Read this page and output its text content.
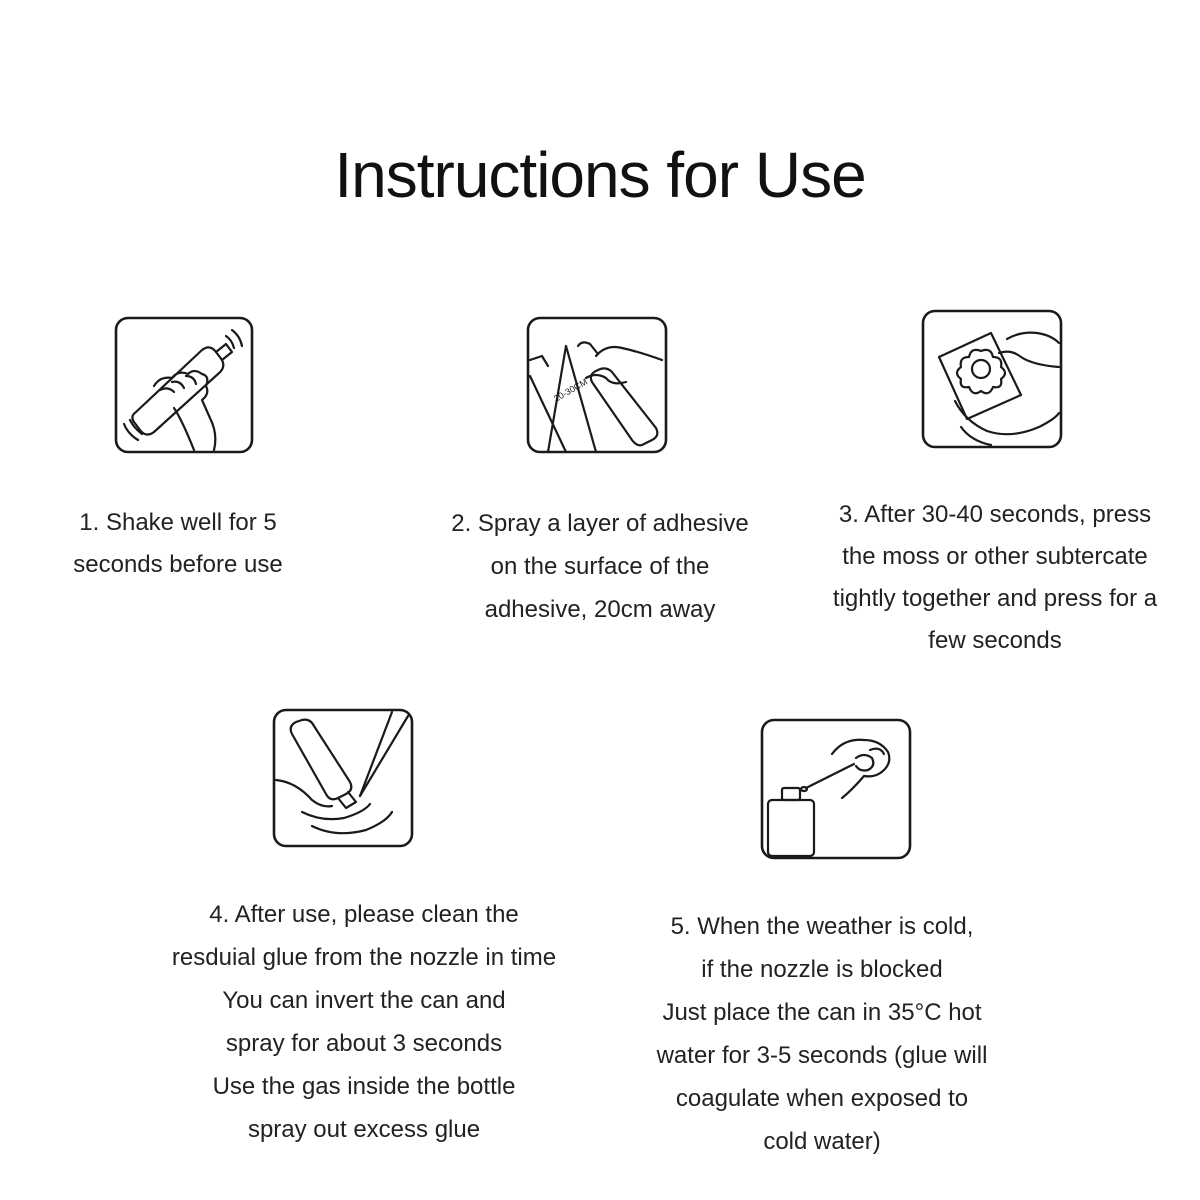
Instructions for Use
20-30CM
1. Shake well for 5
seconds before use
2. Spray a layer of adhesive
on the surface of the
adhesive, 20cm away
3. After 30-40 seconds, press
the moss or other subtercate
tightly together and press for a
few seconds
4. After use, please clean the
resduial glue from the nozzle in time
You can invert the can and
spray for about 3 seconds
Use the gas inside the bottle
spray out excess glue
5. When the weather is cold,
if the nozzle is blocked
Just place the can in 35°C hot
water for 3-5 seconds (glue will
coagulate when exposed to
cold water)
